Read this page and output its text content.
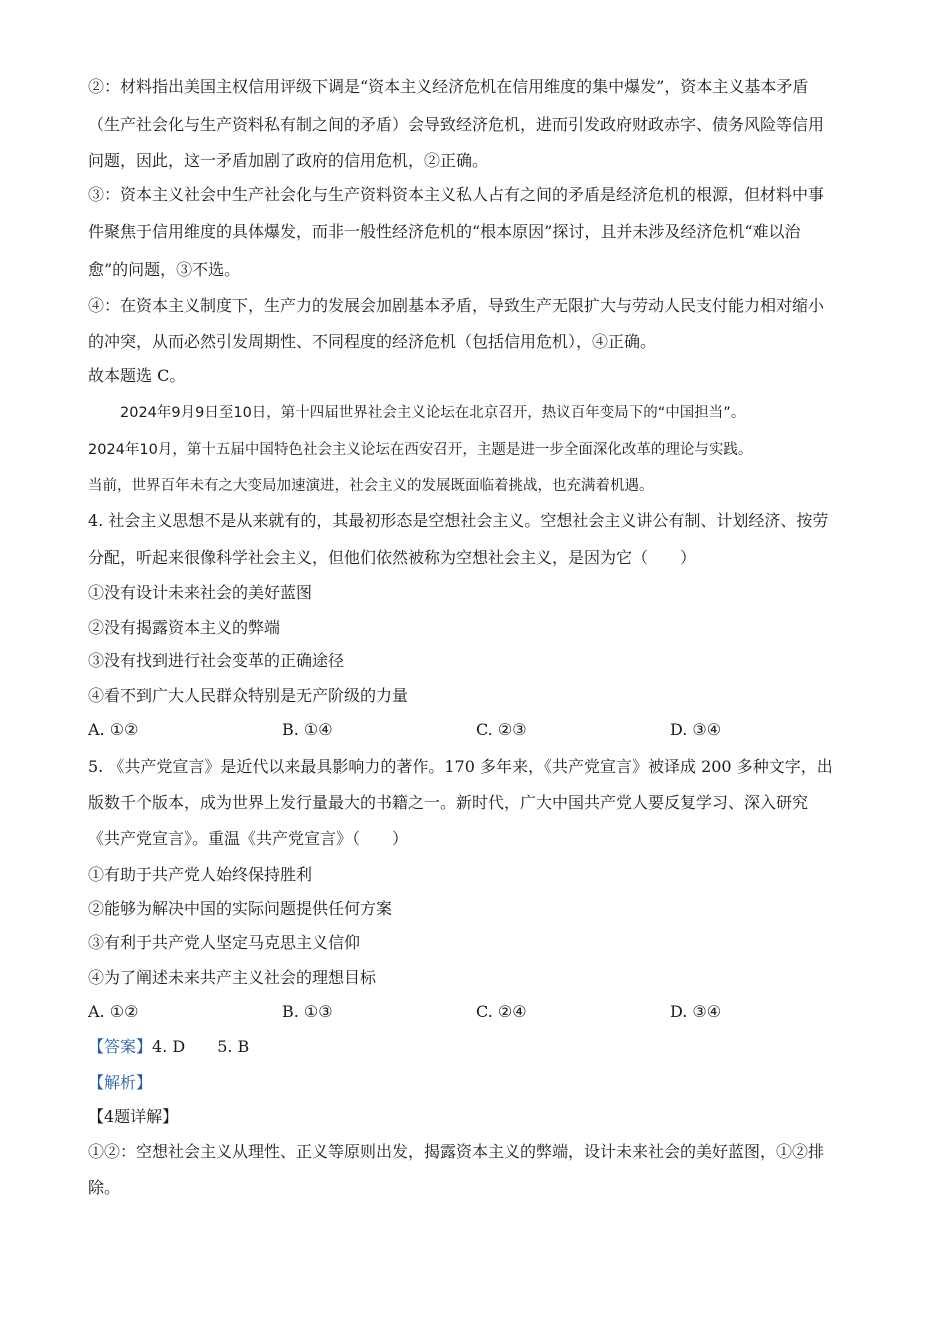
②：材料指出美国主权信用评级下调是“资本主义经济危机在信用维度的集中爆发”，资本主义基本矛盾
（生产社会化与生产资料私有制之间的矛盾）会导致经济危机，进而引发政府财政赤字、债务风险等信用
问题，因此，这一矛盾加剧了政府的信用危机，②正确。
③：资本主义社会中生产社会化与生产资料资本主义私人占有之间的矛盾是经济危机的根源，但材料中事
件聚焦于信用维度的具体爆发，而非一般性经济危机的“根本原因”探讨，且并未涉及经济危机“难以治
愈”的问题，③不选。
④：在资本主义制度下，生产力的发展会加剧基本矛盾，导致生产无限扩大与劳动人民支付能力相对缩小
的冲突，从而必然引发周期性、不同程度的经济危机（包括信用危机），④正确。
故本题选 C。
2024年9月9日至10日，第十四届世界社会主义论坛在北京召开，热议百年变局下的“中国担当”。
2024年10月，第十五届中国特色社会主义论坛在西安召开，主题是进一步全面深化改革的理论与实践。
当前，世界百年未有之大变局加速演进，社会主义的发展既面临着挑战，也充满着机遇。
4. 社会主义思想不是从来就有的，其最初形态是空想社会主义。空想社会主义讲公有制、计划经济、按劳
分配，听起来很像科学社会主义，但他们依然被称为空想社会主义，是因为它（　　）
①没有设计未来社会的美好蓝图
②没有揭露资本主义的弊端
③没有找到进行社会变革的正确途径
④看不到广大人民群众特别是无产阶级的力量
A. ①②	B. ①④	C. ②③	D. ③④
5. 《共产党宣言》是近代以来最具影响力的著作。170 多年来，《共产党宣言》被译成 200 多种文字，出
版数千个版本，成为世界上发行量最大的书籍之一。新时代，广大中国共产党人要反复学习、深入研究
《共产党宣言》。重温《共产党宣言》（　　）
①有助于共产党人始终保持胜利
②能够为解决中国的实际问题提供任何方案
③有利于共产党人坚定马克思主义信仰
④为了阐述未来共产主义社会的理想目标
A. ①②	B. ①③	C. ②④	D. ③④
【答案】4. D　　5. B
【解析】
【4题详解】
①②：空想社会主义从理性、正义等原则出发，揭露资本主义的弊端，设计未来社会的美好蓝图，①②排
除。
